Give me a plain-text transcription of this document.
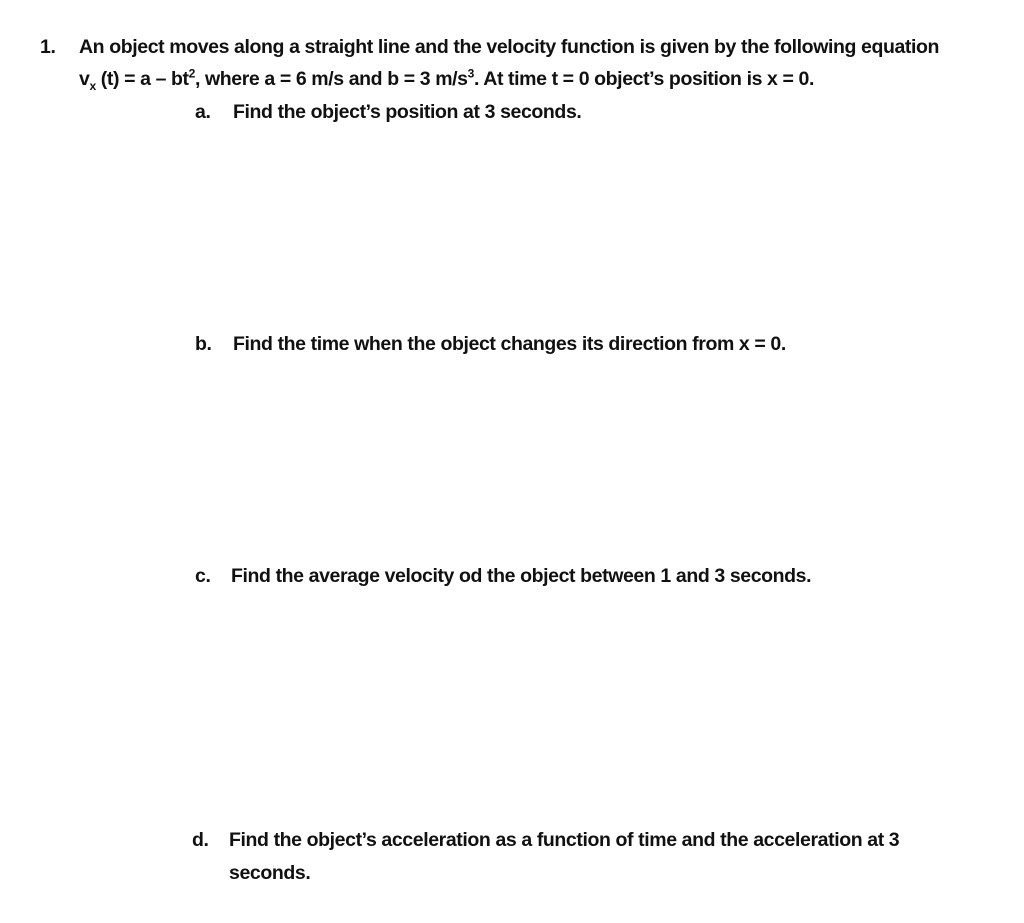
1. An object moves along a straight line and the velocity function is given by the following equation
$v_x$ $(t) = a - bt^2$, where a = 6 m/s and b = 3 $m/s^3$. At time t = 0 object’s position is x = 0.
a. Find the object’s position at 3 seconds.
b. Find the time when the object changes its direction from x = 0.
c. Find the average velocity od the object between 1 and 3 seconds.
d. Find the object’s acceleration as a function of time and the acceleration at 3
seconds.
